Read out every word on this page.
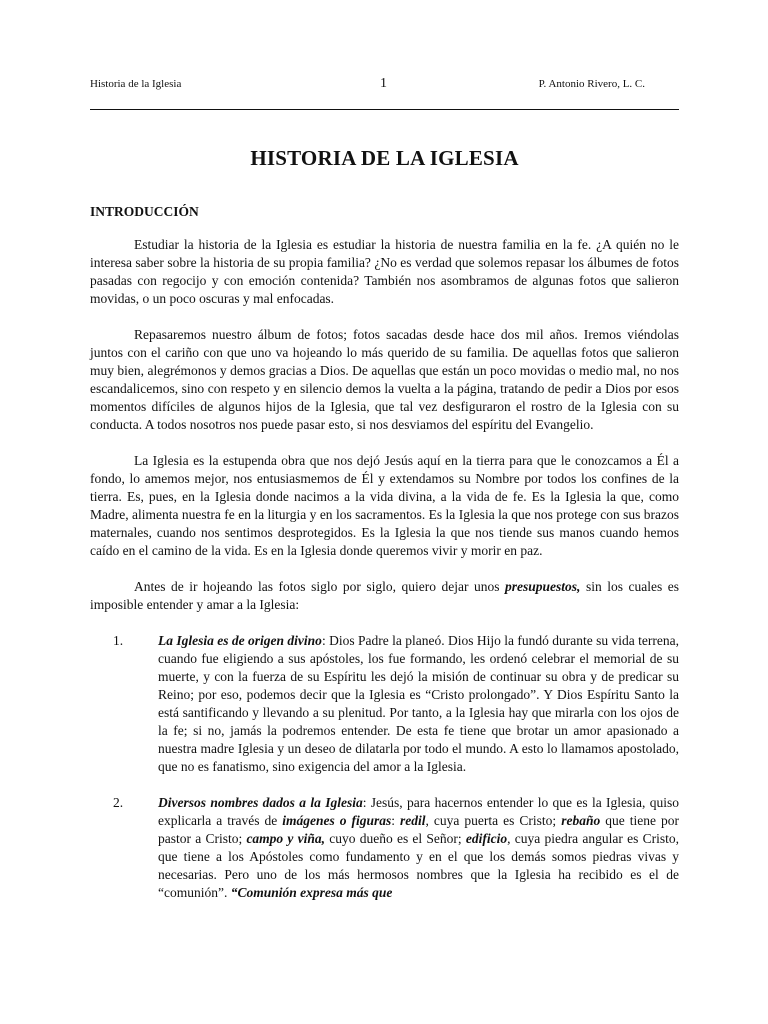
Historia de la Iglesia	1	P. Antonio Rivero, L. C.
HISTORIA DE LA IGLESIA
INTRODUCCIÓN

Estudiar la historia de la Iglesia es estudiar la historia de nuestra familia en la fe. ¿A quién no le interesa saber sobre la historia de su propia familia? ¿No es verdad que solemos repasar los álbumes de fotos pasadas con regocijo y con emoción contenida? También nos asombramos de algunas fotos que salieron movidas, o un poco oscuras y mal enfocadas.

Repasaremos nuestro álbum de fotos; fotos sacadas desde hace dos mil años. Iremos viéndolas juntos con el cariño con que uno va hojeando lo más querido de su familia. De aquellas fotos que salieron muy bien, alegrémonos y demos gracias a Dios. De aquellas que están un poco movidas o medio mal, no nos escandalicemos, sino con respeto y en silencio demos la vuelta a la página, tratando de pedir a Dios por esos momentos difíciles de algunos hijos de la Iglesia, que tal vez desfiguraron el rostro de la Iglesia con su conducta. A todos nosotros nos puede pasar esto, si nos desviamos del espíritu del Evangelio.

La Iglesia es la estupenda obra que nos dejó Jesús aquí en la tierra para que le conozcamos a Él a fondo, lo amemos mejor, nos entusiasmemos de Él y extendamos su Nombre por todos los confines de la tierra. Es, pues, en la Iglesia donde nacimos a la vida divina, a la vida de fe. Es la Iglesia la que, como Madre, alimenta nuestra fe en la liturgia y en los sacramentos. Es la Iglesia la que nos protege con sus brazos maternales, cuando nos sentimos desprotegidos. Es la Iglesia la que nos tiende sus manos cuando hemos caído en el camino de la vida. Es en la Iglesia donde queremos vivir y morir en paz.

Antes de ir hojeando las fotos siglo por siglo, quiero dejar unos presupuestos, sin los cuales es imposible entender y amar a la Iglesia:

1.	La Iglesia es de origen divino: Dios Padre la planeó. Dios Hijo la fundó durante su vida terrena, cuando fue eligiendo a sus apóstoles, los fue formando, les ordenó celebrar el memorial de su muerte, y con la fuerza de su Espíritu les dejó la misión de continuar su obra y de predicar su Reino; por eso, podemos decir que la Iglesia es “Cristo prolongado”. Y Dios Espíritu Santo la está santificando y llevando a su plenitud. Por tanto, a la Iglesia hay que mirarla con los ojos de la fe; si no, jamás la podremos entender. De esta fe tiene que brotar un amor apasionado a nuestra madre Iglesia y un deseo de dilatarla por todo el mundo. A esto lo llamamos apostolado, que no es fanatismo, sino exigencia del amor a la Iglesia.
2.	Diversos nombres dados a la Iglesia: Jesús, para hacernos entender lo que es la Iglesia, quiso explicarla a través de imágenes o figuras: redil, cuya puerta es Cristo; rebaño que tiene por pastor a Cristo; campo y viña, cuyo dueño es el Señor; edificio, cuya piedra angular es Cristo, que tiene a los Apóstoles como fundamento y en el que los demás somos piedras vivas y necesarias. Pero uno de los más hermosos nombres que la Iglesia ha recibido es el de “comunión”. “Comunión expresa más que
